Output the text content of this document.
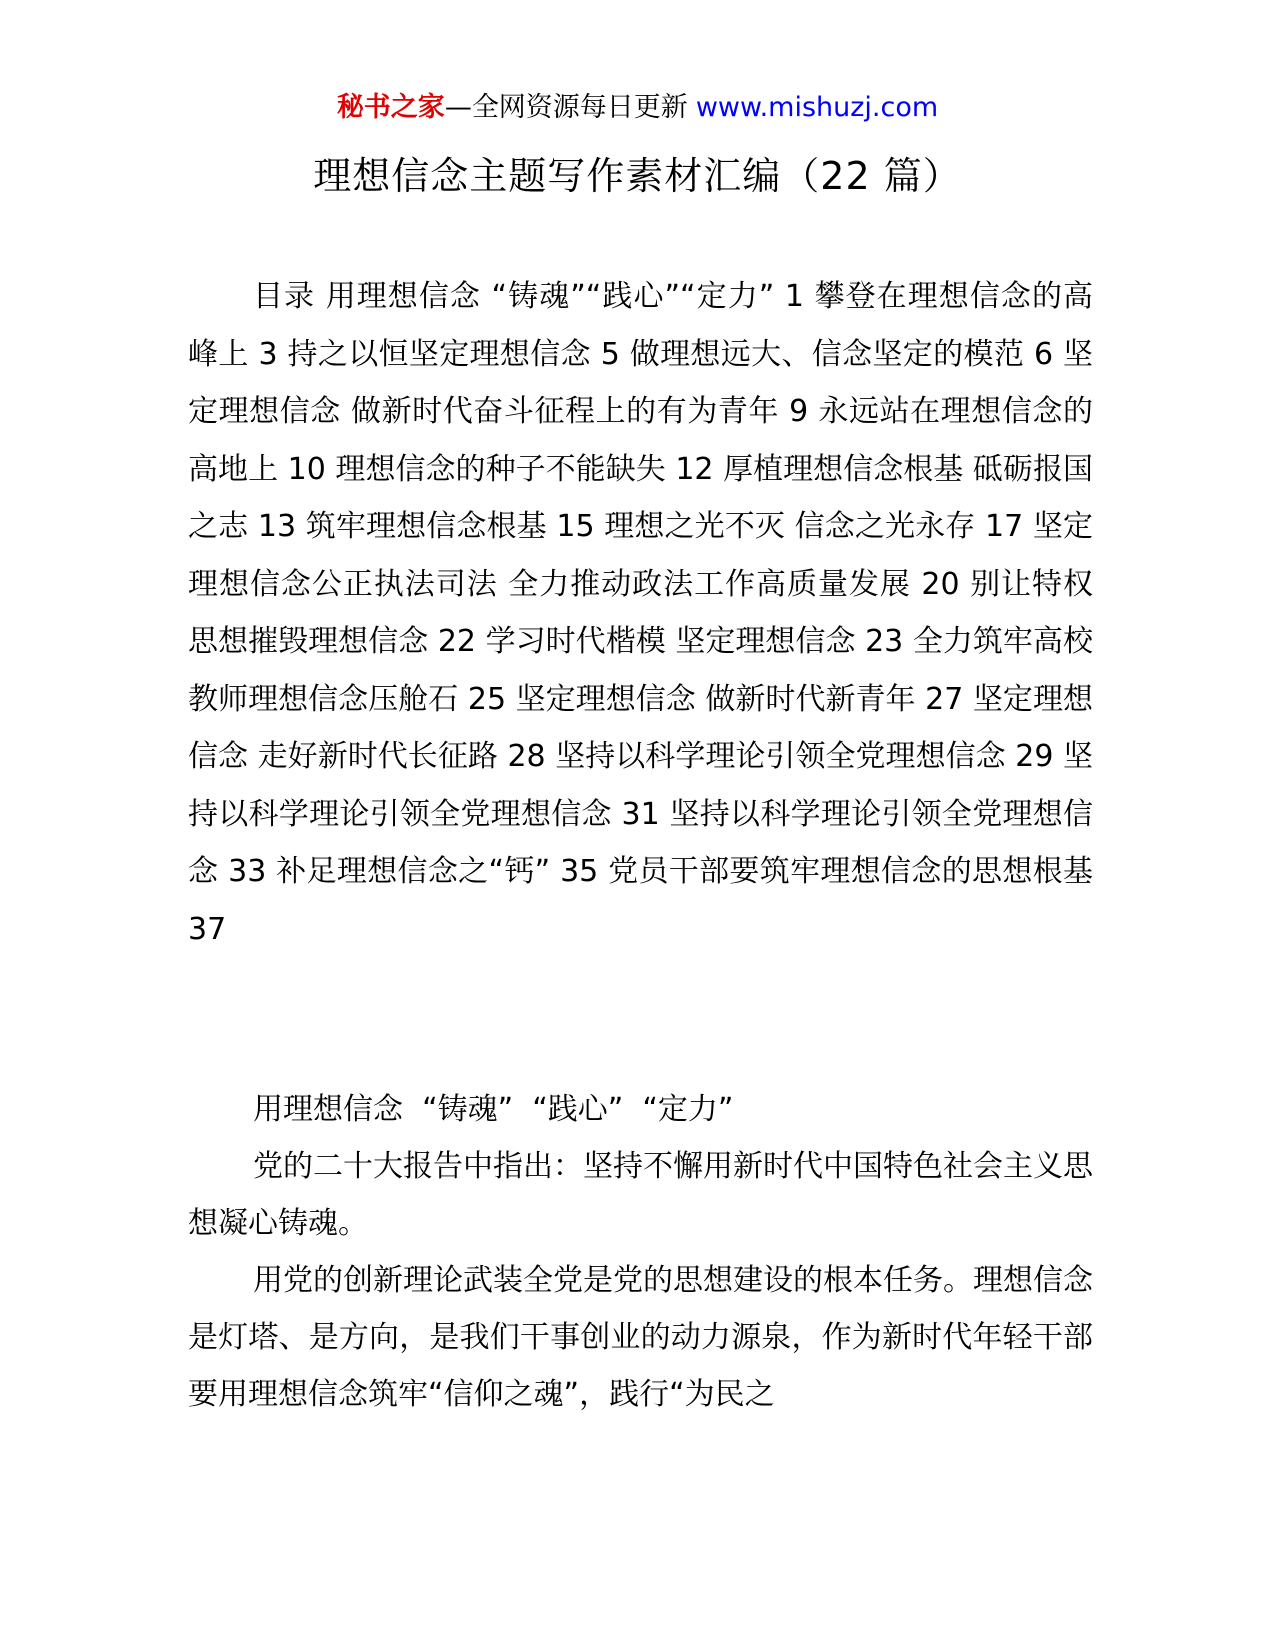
秘书之家—全网资源每日更新 www.mishuzj.com
理想信念主题写作素材汇编（22 篇）

目录 用理想信念 “铸魂”“践心”“定力” 1 攀登在理想信念的高峰上 3 持之以恒坚定理想信念 5 做理想远大、信念坚定的模范 6 坚定理想信念 做新时代奋斗征程上的有为青年 9 永远站在理想信念的高地上 10 理想信念的种子不能缺失 12 厚植理想信念根基 砥砺报国之志 13 筑牢理想信念根基 15 理想之光不灭 信念之光永存 17 坚定理想信念公正执法司法 全力推动政法工作高质量发展 20 别让特权思想摧毁理想信念 22 学习时代楷模 坚定理想信念 23 全力筑牢高校教师理想信念压舱石 25 坚定理想信念 做新时代新青年 27 坚定理想信念 走好新时代长征路 28 坚持以科学理论引领全党理想信念 29 坚持以科学理论引领全党理想信念 31 坚持以科学理论引领全党理想信念 33 补足理想信念之“钙” 35 党员干部要筑牢理想信念的思想根基 37

用理想信念  “铸魂”  “践心”  “定力”

党的二十大报告中指出：坚持不懈用新时代中国特色社会主义思想凝心铸魂。

用党的创新理论武装全党是党的思想建设的根本任务。理想信念是灯塔、是方向，是我们干事创业的动力源泉，作为新时代年轻干部要用理想信念筑牢“信仰之魂”，践行“为民之
